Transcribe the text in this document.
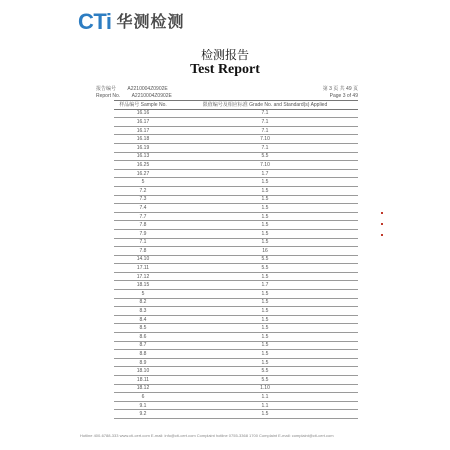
CTi 华测检测
检测报告
Test Report
报告编号 A2210004Z0902E
Report No. A2210004Z0902E
第 3 页 共 49 页
Page 3 of 49
样品编号 Sample No.	限值编号及相应标准 Grade No. and Standard(s) Applied
16.16	7.1
16.17	7.1
16.17	7.1
16.18	7.10
16.19	7.1
16.13	5.5
16.25	7.10
16.27	1.7
5	1.5
7.2	1.5
7.3	1.5
7.4	1.5
7.7	1.5
7.8	1.5
7.9	1.5
7.1	1.5
7.8	16
14.10	5.5
17.11	5.5
17.12	1.5
18.15	1.7
5	1.5
8.2	1.5
8.3	1.5
8.4	1.5
8.5	1.5
8.6	1.5
8.7	1.5
8.8	1.5
8.9	1.5
18.10	5.5
18.11	5.5
18.12	1.10
6	1.1
9.1	1.1
9.2	1.5
Hotline 400-6788-333 www.cti-cert.com E-mail: info@cti-cert.com Complaint hotline 0755-3368 1700 Complaint E-mail: complaint@cti-cert.com
